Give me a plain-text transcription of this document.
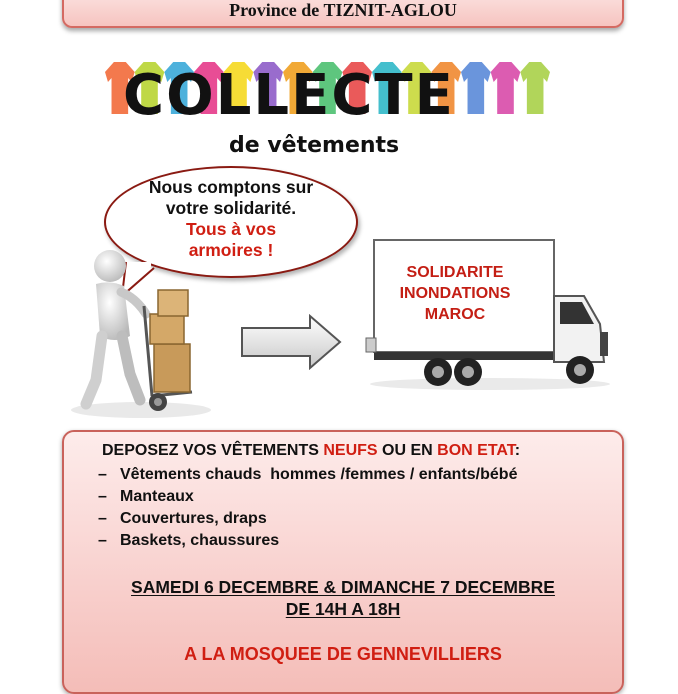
Province de TIZNIT-AGLOU
COLLECTE
de vêtements
Nous comptons sur
votre solidarité.
Tous à vos
armoires !
SOLIDARITE
INONDATIONS
MAROC
DEPOSEZ VOS VÊTEMENTS NEUFS OU EN BON ETAT:
– Vêtements chauds  hommes /femmes / enfants/bébé
– Manteaux
– Couvertures, draps
– Baskets, chaussures
SAMEDI 6 DECEMBRE & DIMANCHE 7 DECEMBRE
DE 14H A 18H
A LA MOSQUEE DE GENNEVILLIERS
